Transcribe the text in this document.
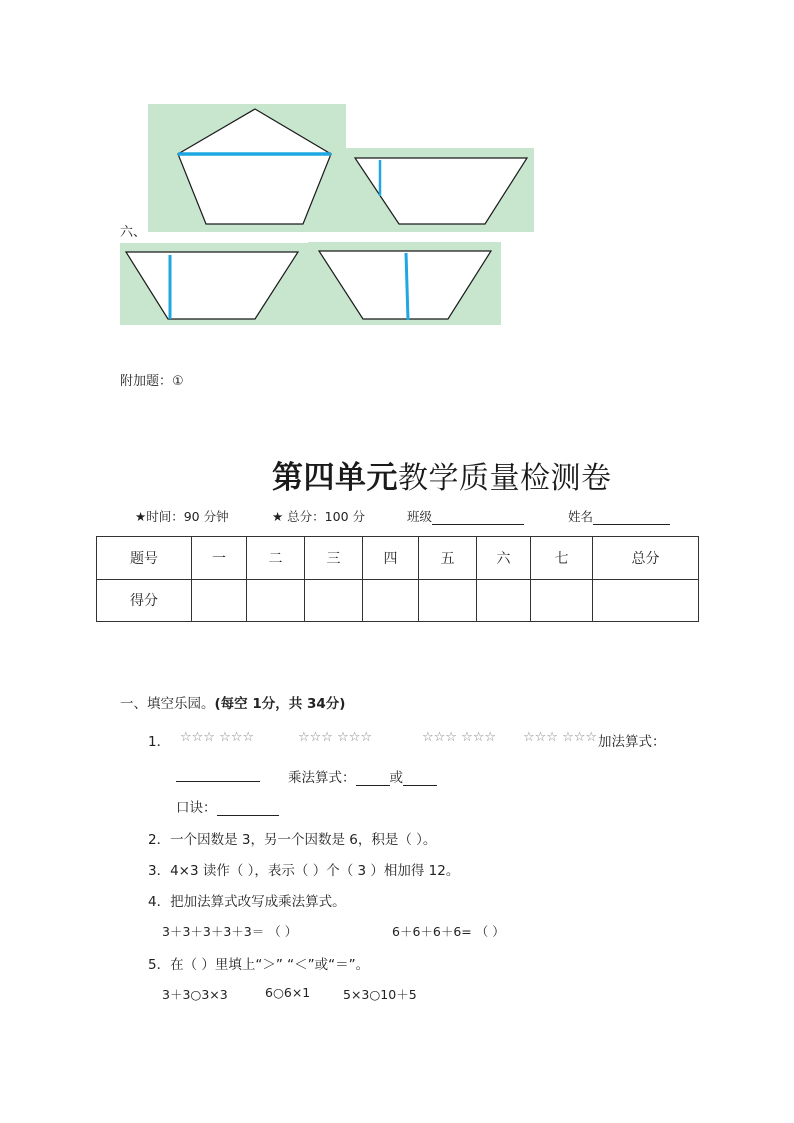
六、
附加题：①
第四单元教学质量检测卷
★时间：90 分钟	★ 总分：100 分	班级	姓名
题号	一	二	三	四	五	六	七	总分
得分								
一、填空乐园。(每空 1分，共 34分)
1． ☆☆☆ ☆☆☆	☆☆☆ ☆☆☆	☆☆☆ ☆☆☆ ☆☆☆ ☆☆☆ 加法算式：
乘法算式：	或
口诀：
2．一个因数是 3，另一个因数是 6，积是（ ）。
3．4×3 读作（ ），表示（ ）个（ 3 ）相加得 12。
4．把加法算式改写成乘法算式。
3＋3＋3＋3＋3＝ （ ）	6＋6＋6＋6= （ ）
5．在（ ）里填上“＞” “＜”或“＝”。
3＋3○3×3	6○6×1	5×3○10＋5
